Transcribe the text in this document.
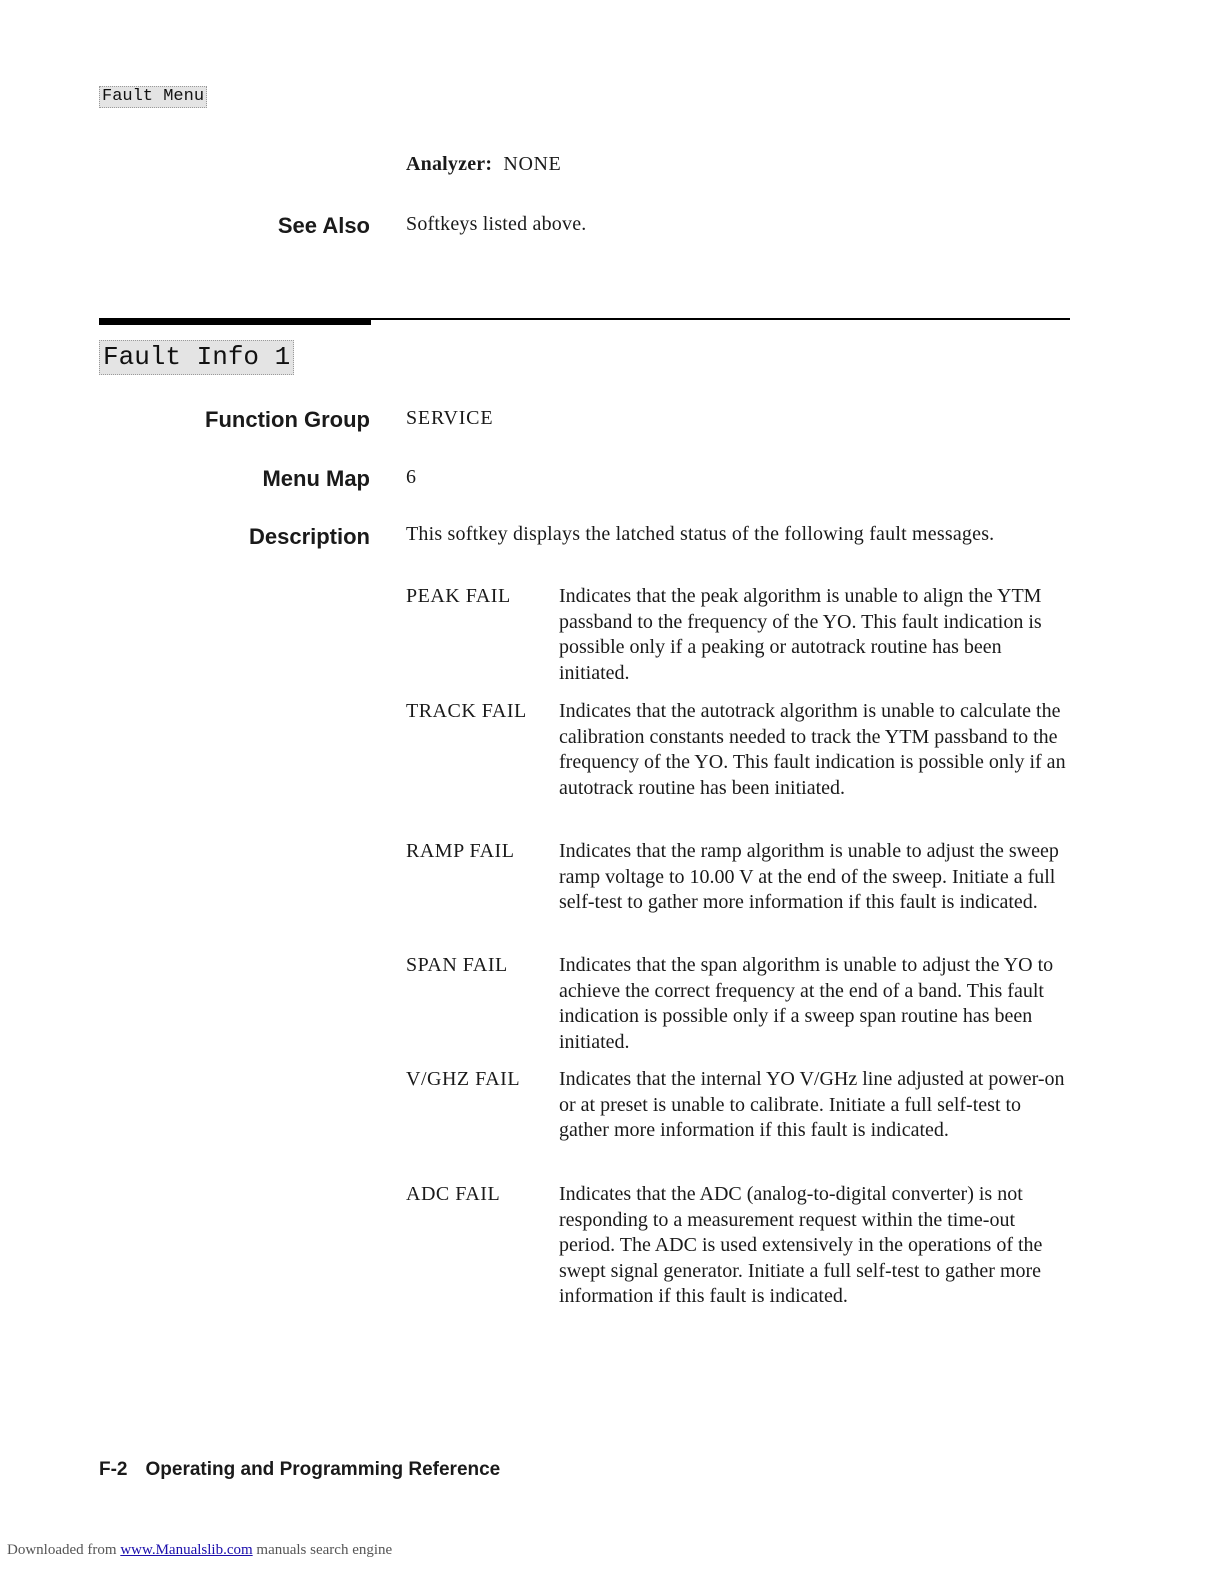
Fault Menu
Analyzer: NONE
See Also Softkeys listed above.
Fault Info 1
Function Group SERVICE
Menu Map 6
Description This softkey displays the latched status of the following fault messages.
PEAK FAIL Indicates that the peak algorithm is unable to align the YTM passband to the frequency of the YO. This fault indication is possible only if a peaking or autotrack routine has been initiated.
TRACK FAIL Indicates that the autotrack algorithm is unable to calculate the calibration constants needed to track the YTM passband to the frequency of the YO. This fault indication is possible only if an autotrack routine has been initiated.
RAMP FAIL Indicates that the ramp algorithm is unable to adjust the sweep ramp voltage to 10.00 V at the end of the sweep. Initiate a full self-test to gather more information if this fault is indicated.
SPAN FAIL	Indicates that the span algorithm is unable to adjust the YO to achieve the correct frequency at the end of a band. This fault indication is possible only if a sweep span routine has been initiated.
V/GHZ FAIL Indicates that the internal YO V/GHz line adjusted at power-on or at preset is unable to calibrate. Initiate a full self-test to gather more information if this fault is indicated.
ADC FAIL	Indicates that the ADC (analog-to-digital converter) is not responding to a measurement request within the time-out period. The ADC is used extensively in the operations of the swept signal generator. Initiate a full self-test to gather more information if this fault is indicated.
F-2 Operating and Programming Reference
Downloaded from www.Manualslib.com manuals search engine
